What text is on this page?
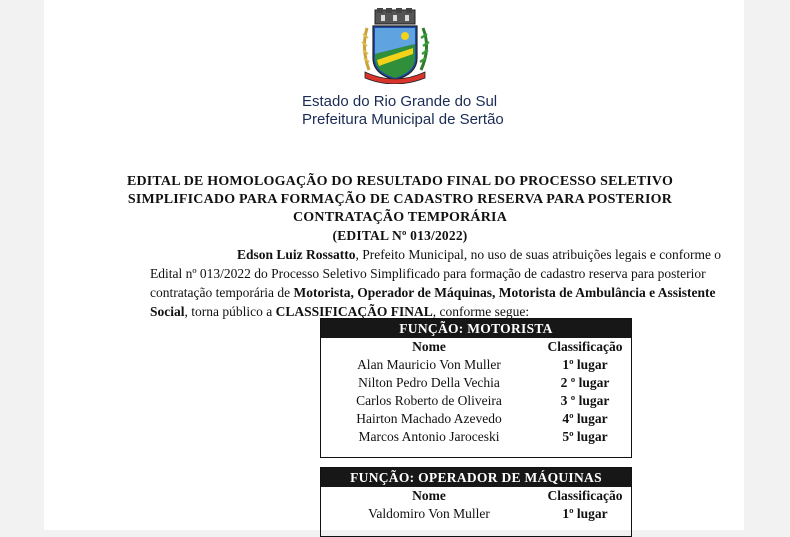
Estado do Rio Grande do Sul
Prefeitura Municipal de Sertão
EDITAL DE HOMOLOGAÇÃO DO RESULTADO FINAL DO PROCESSO SELETIVO
SIMPLIFICADO PARA FORMAÇÃO DE CADASTRO RESERVA PARA POSTERIOR
CONTRATAÇÃO TEMPORÁRIA
(EDITAL Nº 013/2022)
Edson Luiz Rossatto, Prefeito Municipal, no uso de suas atribuições legais e conforme o
Edital nº 013/2022 do Processo Seletivo Simplificado para formação de cadastro reserva para posterior
contratação temporária de Motorista, Operador de Máquinas, Motorista de Ambulância e Assistente
Social, torna público a CLASSIFICAÇÃO FINAL, conforme segue:
FUNÇÃO: MOTORISTA
Nome	Classificação
Alan Mauricio Von Muller	1º lugar
Nilton Pedro Della Vechia	2 º lugar
Carlos Roberto de Oliveira	3 º lugar
Hairton Machado Azevedo	4º lugar
Marcos Antonio Jaroceski	5º lugar
FUNÇÃO: OPERADOR DE MÁQUINAS
Nome	Classificação
Valdomiro Von Muller	1º lugar
